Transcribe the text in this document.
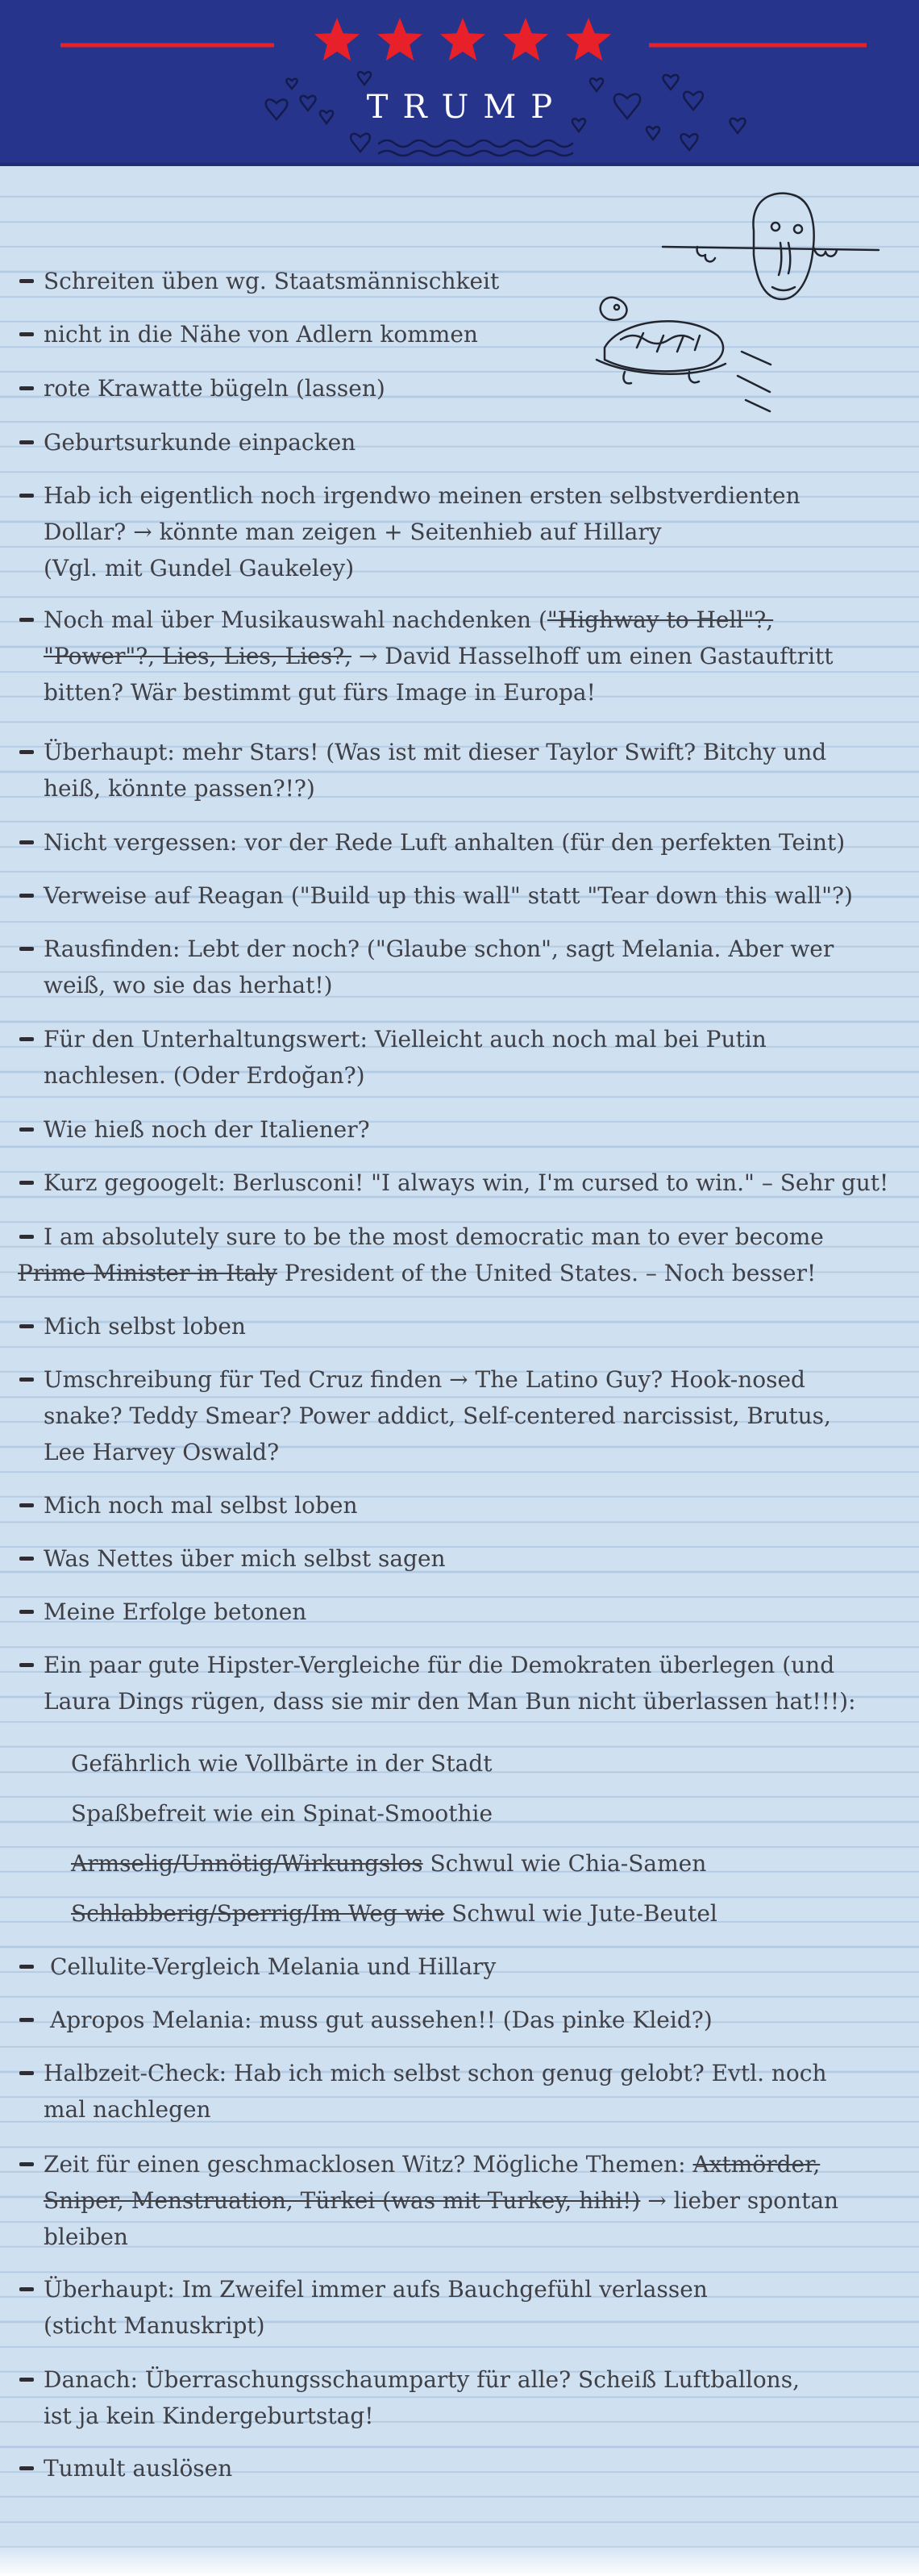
TRUMP
Schreiten üben wg. Staatsmännischkeit
nicht in die Nähe von Adlern kommen
rote Krawatte bügeln (lassen)
Geburtsurkunde einpacken
Hab ich eigentlich noch irgendwo meinen ersten selbstverdienten
Dollar? → könnte man zeigen + Seitenhieb auf Hillary
(Vgl. mit Gundel Gaukeley)
Noch mal über Musikauswahl nachdenken ("Highway to Hell"?, "Power"?, Lies, Lies, Lies?, → David Hasselhoff um einen Gastauftritt bitten? Wär bestimmt gut fürs Image in Europa!
Überhaupt: mehr Stars! (Was ist mit dieser Taylor Swift? Bitchy und
heiß, könnte passen?!?)
Nicht vergessen: vor der Rede Luft anhalten (für den perfekten Teint)
Verweise auf Reagan ("Build up this wall" statt "Tear down this wall"?)
Rausfinden: Lebt der noch? ("Glaube schon", sagt Melania. Aber wer
weiß, wo sie das herhat!)
Für den Unterhaltungswert: Vielleicht auch noch mal bei Putin
nachlesen. (Oder Erdoğan?)
Wie hieß noch der Italiener?
Kurz gegoogelt: Berlusconi! "I always win, I'm cursed to win." – Sehr gut!
I am absolutely sure to be the most democratic man to ever become
Prime Minister in Italy President of the United States. – Noch besser!
Mich selbst loben
Umschreibung für Ted Cruz finden → The Latino Guy? Hook-nosed
snake? Teddy Smear? Power addict, Self-centered narcissist, Brutus,
Lee Harvey Oswald?
Mich noch mal selbst loben
Was Nettes über mich selbst sagen
Meine Erfolge betonen
Ein paar gute Hipster-Vergleiche für die Demokraten überlegen (und
Laura Dings rügen, dass sie mir den Man Bun nicht überlassen hat!!!):
Gefährlich wie Vollbärte in der Stadt
Spaßbefreit wie ein Spinat-Smoothie
Armselig/Unnötig/Wirkungslos Schwul wie Chia-Samen
Schlabberig/Sperrig/Im Weg wie Schwul wie Jute-Beutel
Cellulite-Vergleich Melania und Hillary
Apropos Melania: muss gut aussehen!! (Das pinke Kleid?)
Halbzeit-Check: Hab ich mich selbst schon genug gelobt? Evtl. noch
mal nachlegen
Zeit für einen geschmacklosen Witz? Mögliche Themen: Axtmörder, Sniper, Menstruation, Türkei (was mit Turkey, hihi!) → lieber spontan bleiben
Überhaupt: Im Zweifel immer aufs Bauchgefühl verlassen
(sticht Manuskript)
Danach: Überraschungsschaumparty für alle? Scheiß Luftballons,
ist ja kein Kindergeburtstag!
Tumult auslösen
